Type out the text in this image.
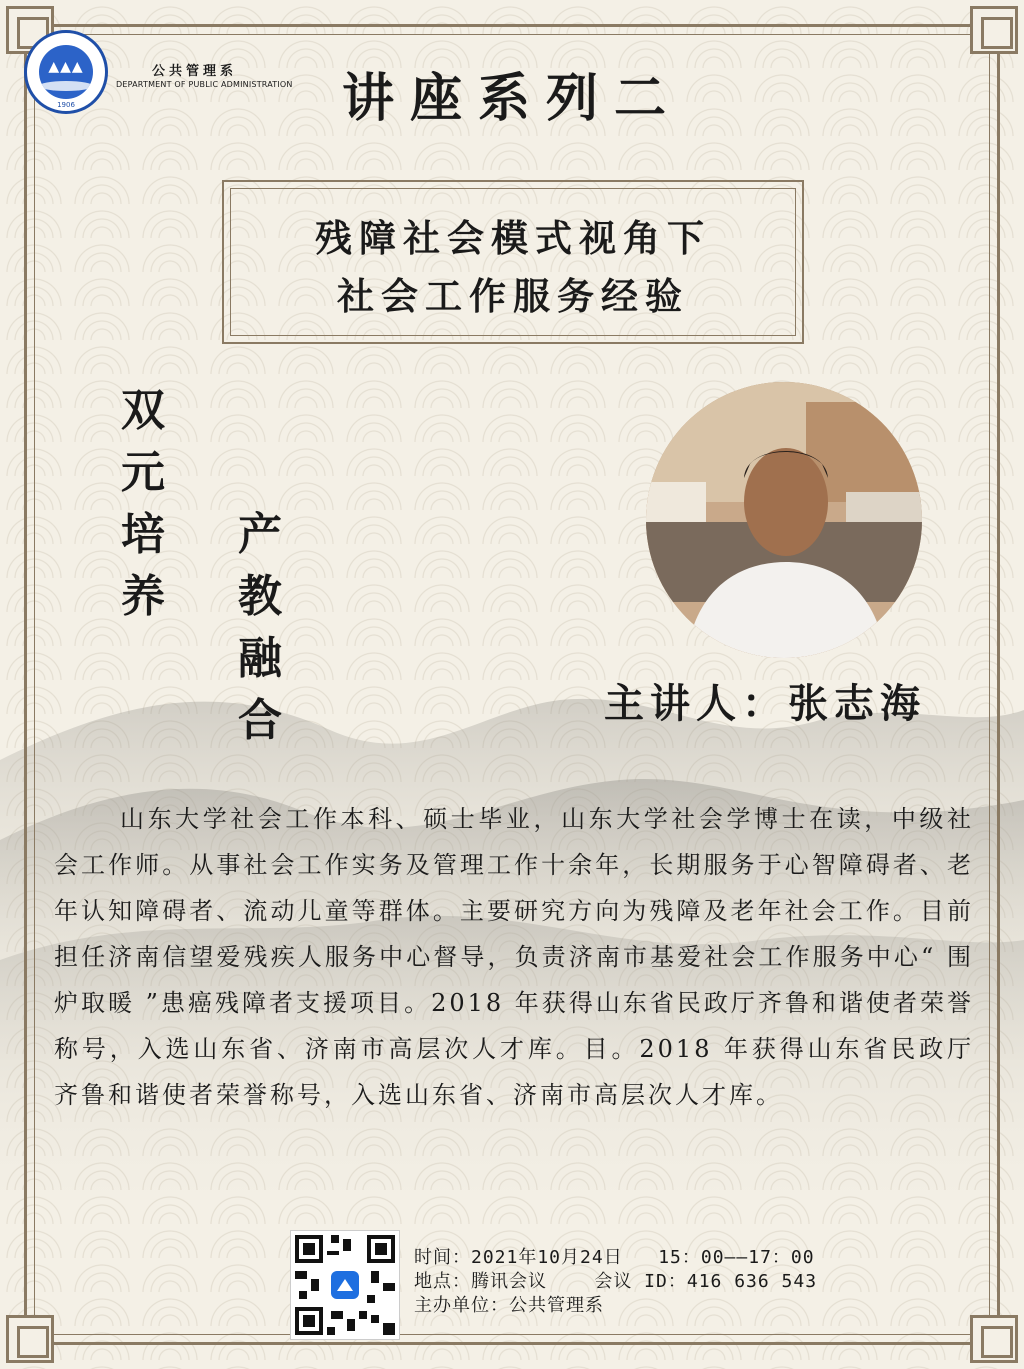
▲▲▲
1906
公共管理系
DEPARTMENT OF PUBLIC ADMINISTRATION 讲座系列二
残障社会模式视角下
社会工作服务经验
双
元
培
养
产
教
融
合	主讲人：张志海
山东大学社会工作本科、硕士毕业，山东大学社会学博士在读，中级社会工作师。从事社会工作实务及管理工作十余年，长期服务于心智障碍者、老年认知障碍者、流动儿童等群体。主要研究方向为残障及老年社会工作。目前担任济南信望爱残疾人服务中心督导，负责济南市基爱社会工作服务中心“ 围炉取暖 ”患癌残障者支援项目。2018 年获得山东省民政厅齐鲁和谐使者荣誉称号，入选山东省、济南市高层次人才库。目。2018 年获得山东省民政厅齐鲁和谐使者荣誉称号，入选山东省、济南市高层次人才库。
时间：2021年10月24日   15：00——17：00
地点：腾讯会议    会议 ID：416 636 543
主办单位：公共管理系
